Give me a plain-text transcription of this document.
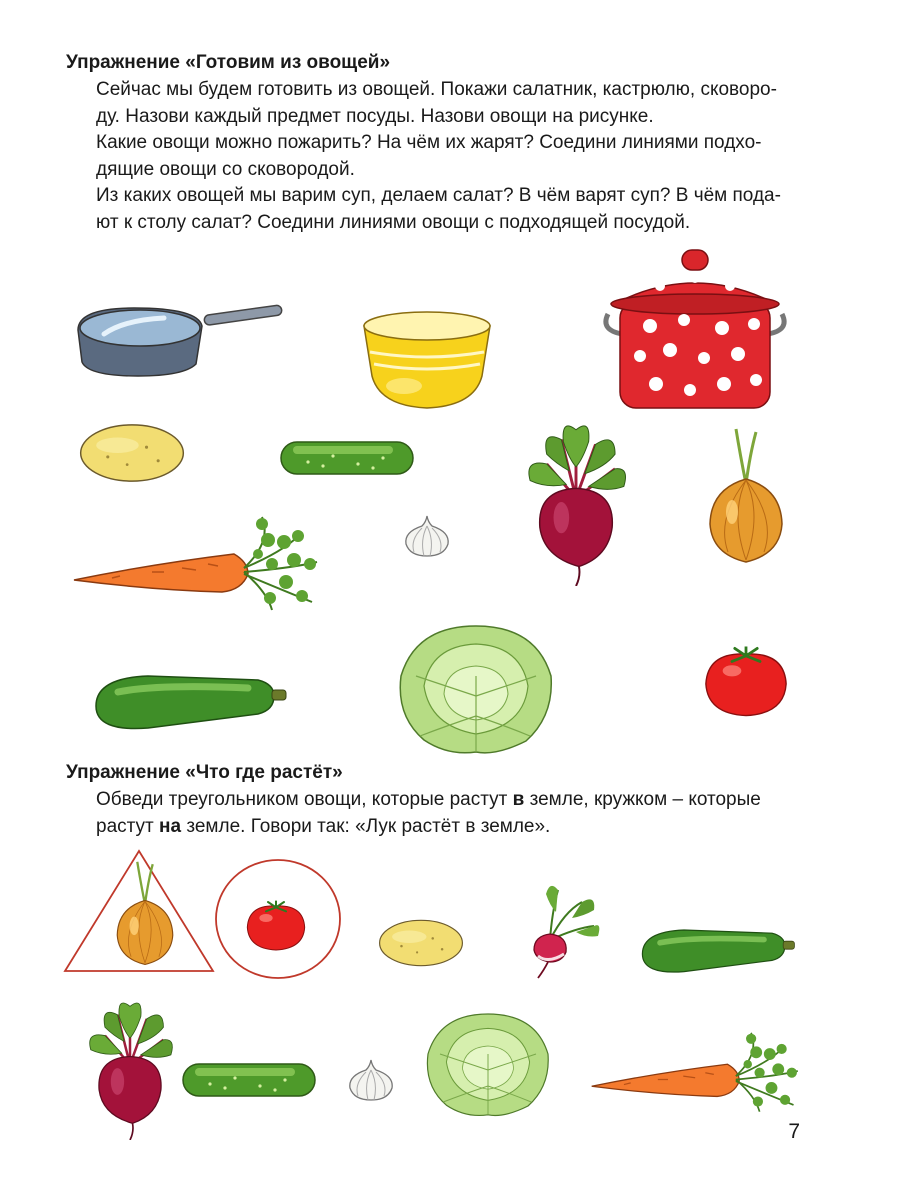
Упражнение «Готовим из овощей»

Сейчас мы будем готовить из овощей. Покажи салатник, кастрюлю, сковоро-

ду. Назови каждый предмет посуды. Назови овощи на рисунке.

Какие овощи можно пожарить? На чём их жарят? Соедини линиями подхо-

дящие овощи со сковородой.

Из каких овощей мы варим суп, делаем салат? В чём варят суп? В чём пода-

ют к столу салат? Соедини линиями овощи с подходящей посудой.

Упражнение «Что где растёт»

Обведи треугольником овощи, которые растут в земле, кружком – которые

растут на земле. Говори так: «Лук растёт в земле».

7
